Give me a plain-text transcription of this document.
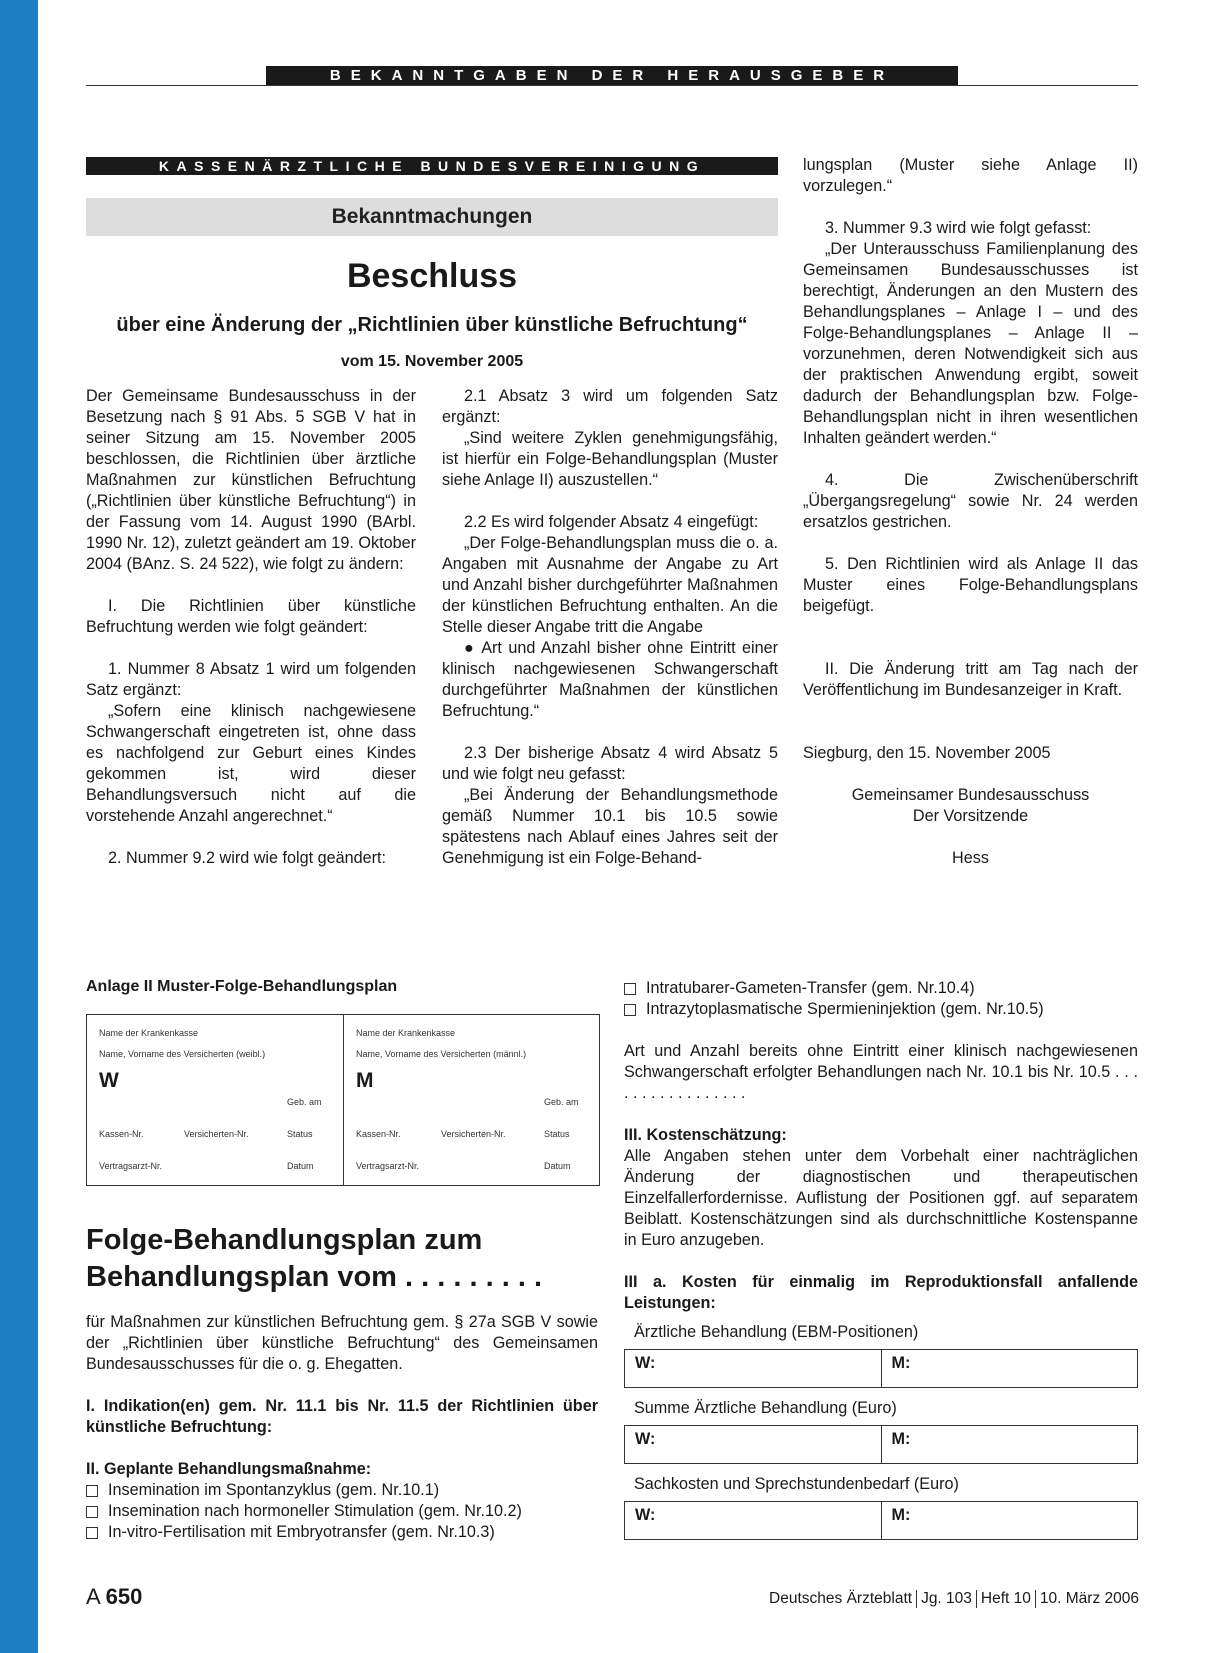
BEKANNTGABEN DER HERAUSGEBER
KASSENÄRZTLICHE BUNDESVEREINIGUNG
Bekanntmachungen
Beschluss
über eine Änderung der „Richtlinien über künstliche Befruchtung“
vom 15. November 2005

Der Gemeinsame Bundesausschuss in der Besetzung nach § 91 Abs. 5 SGB V hat in seiner Sitzung am 15. November 2005 beschlossen, die Richtlinien über ärztliche Maßnahmen zur künstlichen Befruchtung („Richtlinien über künstliche Befruchtung“) in der Fassung vom 14. August 1990 (BArbl. 1990 Nr. 12), zuletzt geändert am 19. Oktober 2004 (BAnz. S. 24 522), wie folgt zu ändern:

I. Die Richtlinien über künstliche Befruchtung werden wie folgt geändert:

1. Nummer 8 Absatz 1 wird um folgenden Satz ergänzt:

„Sofern eine klinisch nachgewiesene Schwangerschaft eingetreten ist, ohne dass es nachfolgend zur Geburt eines Kindes gekommen ist, wird dieser Behandlungsversuch nicht auf die vorstehende Anzahl angerechnet.“

2. Nummer 9.2 wird wie folgt geändert:

2.1 Absatz 3 wird um folgenden Satz ergänzt:

„Sind weitere Zyklen genehmigungsfähig, ist hierfür ein Folge-Behandlungsplan (Muster siehe Anlage II) auszustellen.“

2.2 Es wird folgender Absatz 4 eingefügt:

„Der Folge-Behandlungsplan muss die o. a. Angaben mit Ausnahme der Angabe zu Art und Anzahl bisher durchgeführter Maßnahmen der künstlichen Befruchtung enthalten. An die Stelle dieser Angabe tritt die Angabe

● Art und Anzahl bisher ohne Eintritt einer klinisch nachgewiesenen Schwangerschaft durchgeführter Maßnahmen der künstlichen Befruchtung.“

2.3 Der bisherige Absatz 4 wird Absatz 5 und wie folgt neu gefasst:

„Bei Änderung der Behandlungsmethode gemäß Nummer 10.1 bis 10.5 sowie spätestens nach Ablauf eines Jahres seit der Genehmigung ist ein Folge-Behand-

lungsplan (Muster siehe Anlage II) vorzulegen.“

3. Nummer 9.3 wird wie folgt gefasst:

„Der Unterausschuss Familienplanung des Gemeinsamen Bundesausschusses ist berechtigt, Änderungen an den Mustern des Behandlungsplanes – Anlage I – und des Folge-Behandlungsplanes – Anlage II – vorzunehmen, deren Notwendigkeit sich aus der praktischen Anwendung ergibt, soweit dadurch der Behandlungsplan bzw. Folge-Behandlungsplan nicht in ihren wesentlichen Inhalten geändert werden.“

4. Die Zwischenüberschrift „Übergangsregelung“ sowie Nr. 24 werden ersatzlos gestrichen.

5. Den Richtlinien wird als Anlage II das Muster eines Folge-Behandlungsplans beigefügt.

II. Die Änderung tritt am Tag nach der Veröffentlichung im Bundesanzeiger in Kraft.

Siegburg, den 15. November 2005

Gemeinsamer Bundesausschuss

Der Vorsitzende

Hess

Anlage II Muster-Folge-Behandlungsplan
Name der Krankenkasse
Name, Vorname des Versicherten (weibl.)
W
Geb. am
Kassen-Nr.	Versicherten-Nr.	Status
Vertragsarzt-Nr.	Datum
Name der Krankenkasse
Name, Vorname des Versicherten (männl.)
M
Geb. am
Kassen-Nr.	Versicherten-Nr.	Status
Vertragsarzt-Nr.	Datum
Folge-Behandlungsplan zum Behandlungsplan vom . . . . . . . . .

für Maßnahmen zur künstlichen Befruchtung gem. § 27a SGB V sowie der „Richtlinien über künstliche Befruchtung“ des Gemeinsamen Bundesausschusses für die o. g. Ehegatten.

I. Indikation(en) gem. Nr. 11.1 bis Nr. 11.5 der Richtlinien über künstliche Befruchtung:

II. Geplante Behandlungsmaßnahme:

Insemination im Spontanzyklus (gem. Nr.10.1)
Insemination nach hormoneller Stimulation (gem. Nr.10.2)
In-vitro-Fertilisation mit Embryotransfer (gem. Nr.10.3)
Intratubarer-Gameten-Transfer (gem. Nr.10.4)
Intrazytoplasmatische Spermieninjektion (gem. Nr.10.5)

Art und Anzahl bereits ohne Eintritt einer klinisch nachgewiesenen Schwangerschaft erfolgter Behandlungen nach Nr. 10.1 bis Nr. 10.5 . . . . . . . . . . . . . . . . .

III. Kostenschätzung:

Alle Angaben stehen unter dem Vorbehalt einer nachträglichen Änderung der diagnostischen und therapeutischen Einzelfallerfordernisse. Auflistung der Positionen ggf. auf separatem Beiblatt. Kostenschätzungen sind als durchschnittliche Kostenspanne in Euro anzugeben.

III a. Kosten für einmalig im Reproduktionsfall anfallende Leistungen:

Ärztliche Behandlung (EBM-Positionen)
W:	M:
Summe Ärztliche Behandlung (Euro)
W:	M:
Sachkosten und Sprechstundenbedarf (Euro)
W:	M:
A 650	Deutsches Ärzteblatt Jg. 103 Heft 10 10. März 2006
